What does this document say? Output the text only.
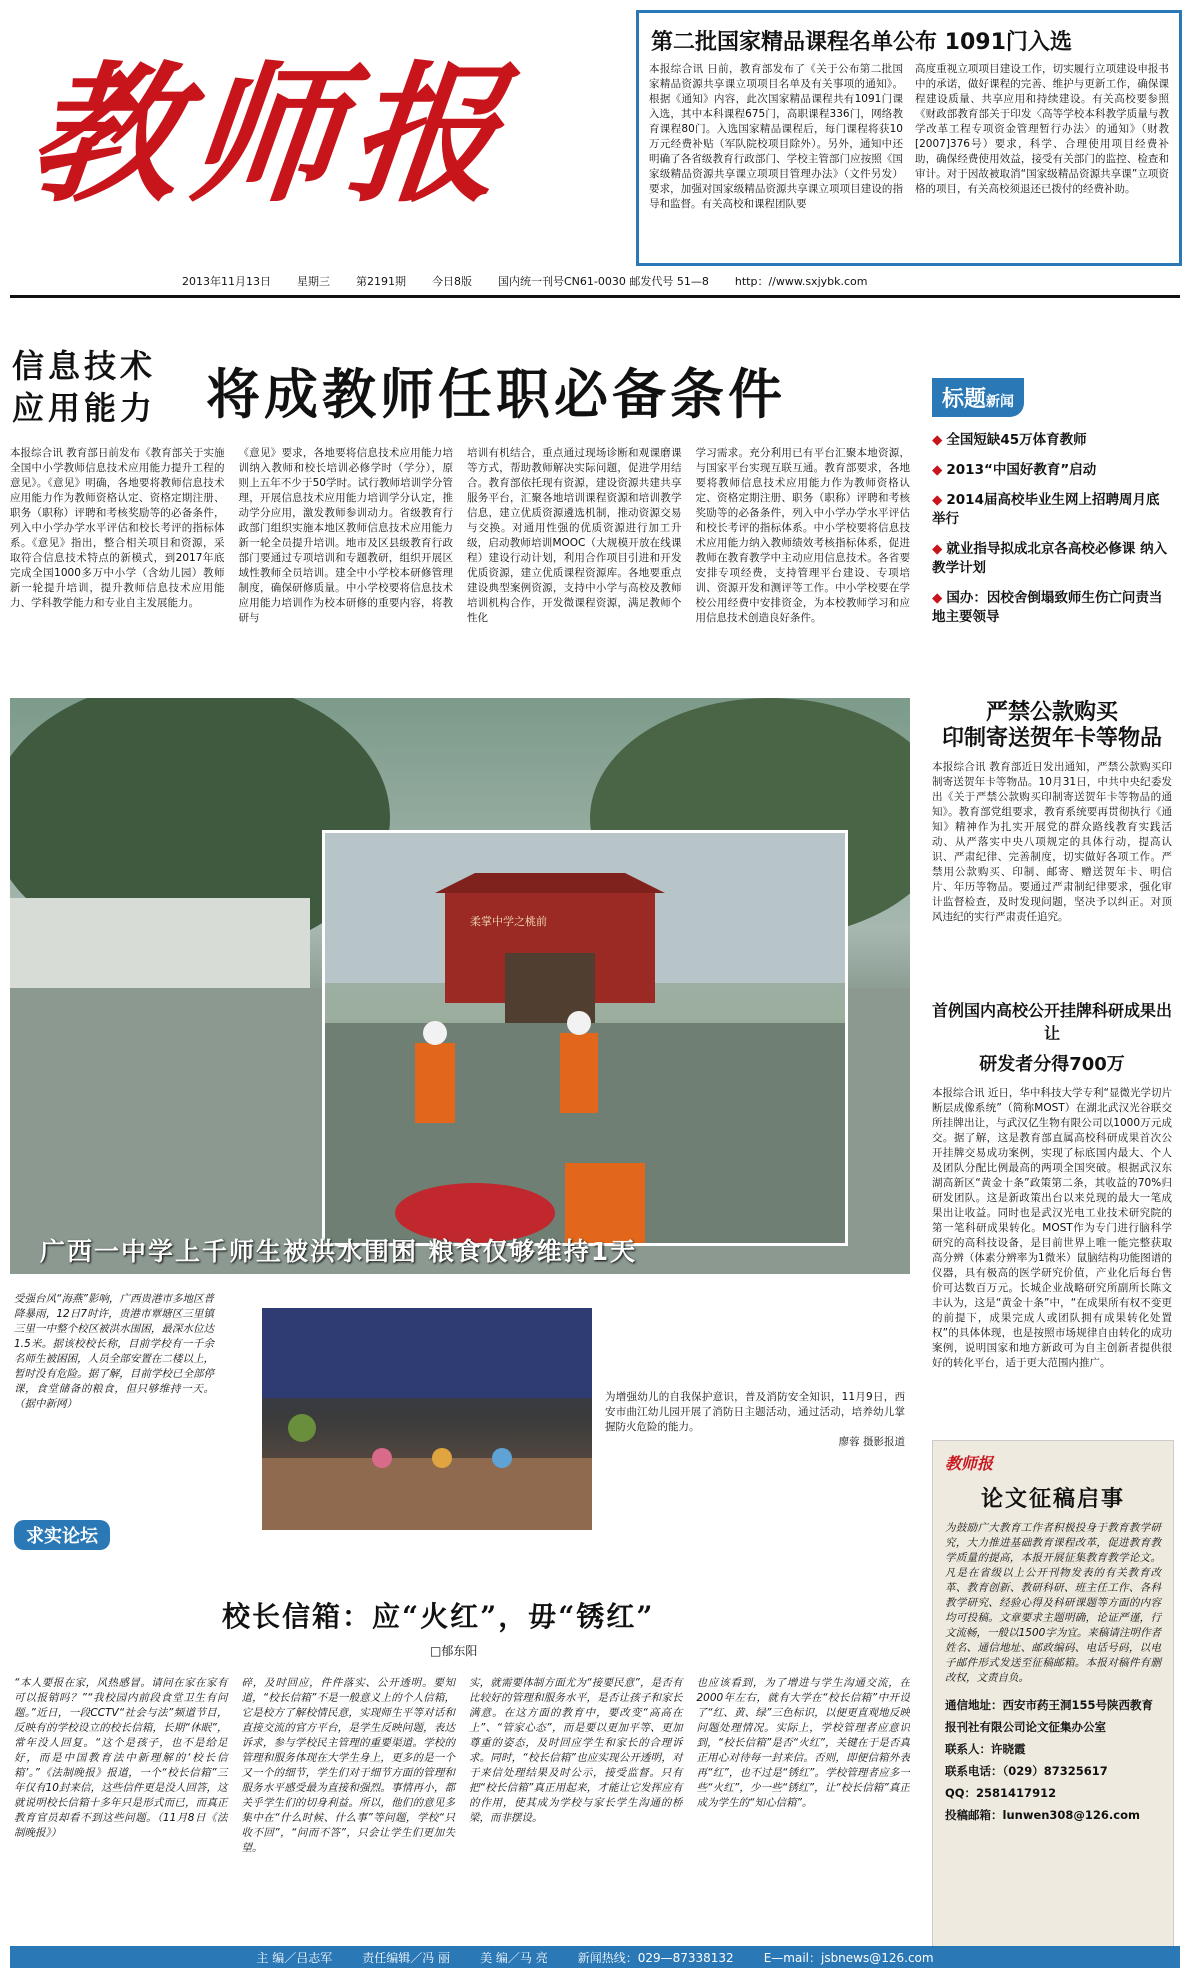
教师报
第二批国家精品课程名单公布 1091门入选
本报综合讯 日前，教育部发布了《关于公布第二批国家精品资源共享课立项项目名单及有关事项的通知》。根据《通知》内容，此次国家精品课程共有1091门课入选，其中本科课程675门，高职课程336门，网络教育课程80门。入选国家精品课程后，每门课程将获10万元经费补贴（军队院校项目除外）。另外，通知中还明确了各省级教育行政部门、学校主管部门应按照《国家级精品资源共享课立项项目管理办法》（文件另发）要求，加强对国家级精品资源共享课立项项目建设的指导和监督。有关高校和课程团队要
高度重视立项项目建设工作，切实履行立项建设申报书中的承诺，做好课程的完善、维护与更新工作，确保课程建设质量、共享应用和持续建设。有关高校要参照《财政部教育部关于印发〈高等学校本科教学质量与教学改革工程专项资金管理暂行办法〉的通知》（财教[2007]376号）要求，科学、合理使用项目经费补助，确保经费使用效益，接受有关部门的监控、检查和审计。对于因故被取消“国家级精品资源共享课”立项资格的项目，有关高校须退还已拨付的经费补助。
2013年11月13日 星期三 第2191期 今日8版 国内统一刊号CN61-0030 邮发代号 51—8 http：//www.sxjybk.com
信息技术
应用能力 将成教师任职必备条件
本报综合讯 教育部日前发布《教育部关于实施全国中小学教师信息技术应用能力提升工程的意见》。《意见》明确，各地要将教师信息技术应用能力作为教师资格认定、资格定期注册、职务（职称）评聘和考核奖励等的必备条件，列入中小学办学水平评估和校长考评的指标体系。《意见》指出，整合相关项目和资源，采取符合信息技术特点的新模式，到2017年底完成全国1000多万中小学（含幼儿园）教师新一轮提升培训，提升教师信息技术应用能力、学科教学能力和专业自主发展能力。
《意见》要求，各地要将信息技术应用能力培训纳入教师和校长培训必修学时（学分），原则上五年不少于50学时。试行教师培训学分管理，开展信息技术应用能力培训学分认定，推动学分应用，激发教师参训动力。省级教育行政部门组织实施本地区教师信息技术应用能力新一轮全员提升培训。地市及区县级教育行政部门要通过专项培训和专题教研，组织开展区域性教师全员培训。建全中小学校本研修管理制度，确保研修质量。中小学校要将信息技术应用能力培训作为校本研修的重要内容，将教研与
培训有机结合，重点通过现场诊断和观课磨课等方式，帮助教师解决实际问题，促进学用结合。教育部依托现有资源，建设资源共建共享服务平台，汇聚各地培训课程资源和培训教学信息，建立优质资源遴选机制，推动资源交易与交换。对通用性强的优质资源进行加工升级，启动教师培训MOOC（大规模开放在线课程）建设行动计划，利用合作项目引进和开发优质资源，建立优质课程资源库。各地要重点建设典型案例资源，支持中小学与高校及教师培训机构合作，开发微课程资源，满足教师个性化
学习需求。充分利用已有平台汇聚本地资源，与国家平台实现互联互通。教育部要求，各地要将教师信息技术应用能力作为教师资格认定、资格定期注册、职务（职称）评聘和考核奖励等的必备条件，列入中小学办学水平评估和校长考评的指标体系。中小学校要将信息技术应用能力纳入教师绩效考核指标体系，促进教师在教育教学中主动应用信息技术。各省要安排专项经费，支持管理平台建设、专项培训、资源开发和测评等工作。中小学校要在学校公用经费中安排资金，为本校教师学习和应用信息技术创造良好条件。
标题新闻
◆ 全国短缺45万体育教师
◆ 2013“中国好教育”启动
◆ 2014届高校毕业生网上招聘周月底举行
◆ 就业指导拟成北京各高校必修课 纳入教学计划
◆ 国办：因校舍倒塌致师生伤亡问责当地主要领导
柔掌中学之桃前
广西一中学上千师生被洪水围困 粮食仅够维持1天
受强台风“海燕”影响，广西贵港市多地区普降暴雨，12日7时许，贵港市覃塘区三里镇三里一中整个校区被洪水围困，最深水位达1.5米。据该校校长称，目前学校有一千余名师生被困困，人员全部安置在二楼以上，暂时没有危险。据了解，目前学校已全部停课，食堂储备的粮食，但只够维持一天。 （据中新网）
严禁公款购买
印制寄送贺年卡等物品
本报综合讯 教育部近日发出通知，严禁公款购买印制寄送贺年卡等物品。10月31日，中共中央纪委发出《关于严禁公款购买印制寄送贺年卡等物品的通知》。教育部党组要求，教育系统要再贯彻执行《通知》精神作为扎实开展党的群众路线教育实践活动、从严落实中央八项规定的具体行动，提高认识、严肃纪律、完善制度，切实做好各项工作。严禁用公款购买、印制、邮寄、赠送贺年卡、明信片、年历等物品。要通过严肃制纪律要求，强化审计监督检查，及时发现问题，坚决予以纠正。对顶风违纪的实行严肃责任追究。
首例国内高校公开挂牌科研成果出让
研发者分得700万
本报综合讯 近日，华中科技大学专利“显微光学切片断层成像系统”（简称MOST）在湖北武汉光谷联交所挂牌出让，与武汉亿生物有限公司以1000万元成交。据了解，这是教育部直属高校科研成果首次公开挂牌交易成功案例，实现了标底国内最大、个人及团队分配比例最高的两项全国突破。根据武汉东湖高新区“黄金十条”政策第二条，其收益的70%归研发团队。这是新政策出台以来兑现的最大一笔成果出让收益。同时也是武汉光电工业技术研究院的第一笔科研成果转化。MOST作为专门进行脑科学研究的高科技设备，是目前世界上唯一能完整获取高分辨（体素分辨率为1微米）鼠脑结构功能图谱的仪器，具有极高的医学研究价值，产业化后每台售价可达数百万元。长城企业战略研究所副所长陈文丰认为，这是“黄金十条”中，“在成果所有权不变更的前提下，成果完成人或团队拥有成果转化处置权”的具体体现，也是按照市场规律自由转化的成功案例，说明国家和地方新政可为自主创新者提供很好的转化平台，适于更大范围内推广。
为增强幼儿的自我保护意识，普及消防安全知识，11月9日，西安市曲江幼儿园开展了消防日主题活动，通过活动，培养幼儿掌握防火危险的能力。
廖蓉 摄影报道
求实论坛
校长信箱：应“火红”，毋“锈红”
□郁东阳
“本人要报在家，风热感冒。请问在家在家有可以报销吗？”“我校园内前段食堂卫生有问题。”近日，一段CCTV“社会与法”频道节目，反映有的学校设立的校长信箱，长期“休眠”，常年没人回复。“这个是孩子，也不是给足好，而是中国教育法中新理解的‘校长信箱’。”《法制晚报》报道，一个“校长信箱”三年仅有10封来信，这些信件更是没人回答，这就说明校长信箱十多年只是形式而已，而真正教育官员却看不到这些问题。（11月8日《法制晚报》）
碎，及时回应，件件落实、公开透明。要知道，“校长信箱”不是一般意义上的个人信箱，它是校方了解校情民意，实现师生平等对话和直接交流的官方平台，是学生反映问题，表达诉求，参与学校民主管理的重要渠道。学校的管理和服务体现在大学生身上，更多的是一个又一个的细节，学生们对于细节方面的管理和服务水平感受最为直接和强烈。事情再小，都关乎学生们的切身利益。所以，他们的意见多集中在“什么时候、什么事”等问题，学校“只收不回”，“问而不答”，只会让学生们更加失望。
实，就需要体制方面尤为“接要民意”，是否有比较好的管理和服务水平，是否让孩子和家长满意。在这方面的教育中，要改变“高高在上”、“管家心态”，而是要以更加平等、更加尊重的姿态，及时回应学生和家长的合理诉求。同时，“校长信箱”也应实现公开透明，对于来信处理结果及时公示，接受监督。只有把“校长信箱”真正用起来，才能让它发挥应有的作用，使其成为学校与家长学生沟通的桥梁，而非摆设。
也应该看到，为了增进与学生沟通交流，在2000年左右，就有大学在“校长信箱”中开设了“红、黄、绿”三色标识，以便更直观地反映问题处理情况。实际上，学校管理者应意识到，“校长信箱”是否“火红”，关键在于是否真正用心对待每一封来信。否则，即便信箱外表再“红”，也不过是“锈红”。学校管理者应多一些“火红”，少一些“锈红”，让“校长信箱”真正成为学生的“知心信箱”。
教师报
论文征稿启事
为鼓励广大教育工作者积极投身于教育教学研究，大力推进基础教育课程改革，促进教育教学质量的提高，本报开展征集教育教学论文。凡是在省级以上公开刊物发表的有关教育改革、教育创新、教研科研、班主任工作、各科教学研究、经验心得及科研课题等方面的内容均可投稿。文章要求主题明确，论证严谨，行文流畅，一般以1500字为宜。来稿请注明作者姓名、通信地址、邮政编码、电话号码，以电子邮件形式发送至征稿邮箱。本报对稿件有删改权，文责自负。
通信地址：西安市药王洞155号陕西教育报刊社有限公司论文征集办公室
联系人：许晓霞
联系电话：（029）87325617
QQ：2581417912
投稿邮箱：lunwen308@126.com
主 编／吕志军	责任编辑／冯 丽	美 编／马 亮	新闻热线：029—87338132	E—mail：jsbnews@126.com
